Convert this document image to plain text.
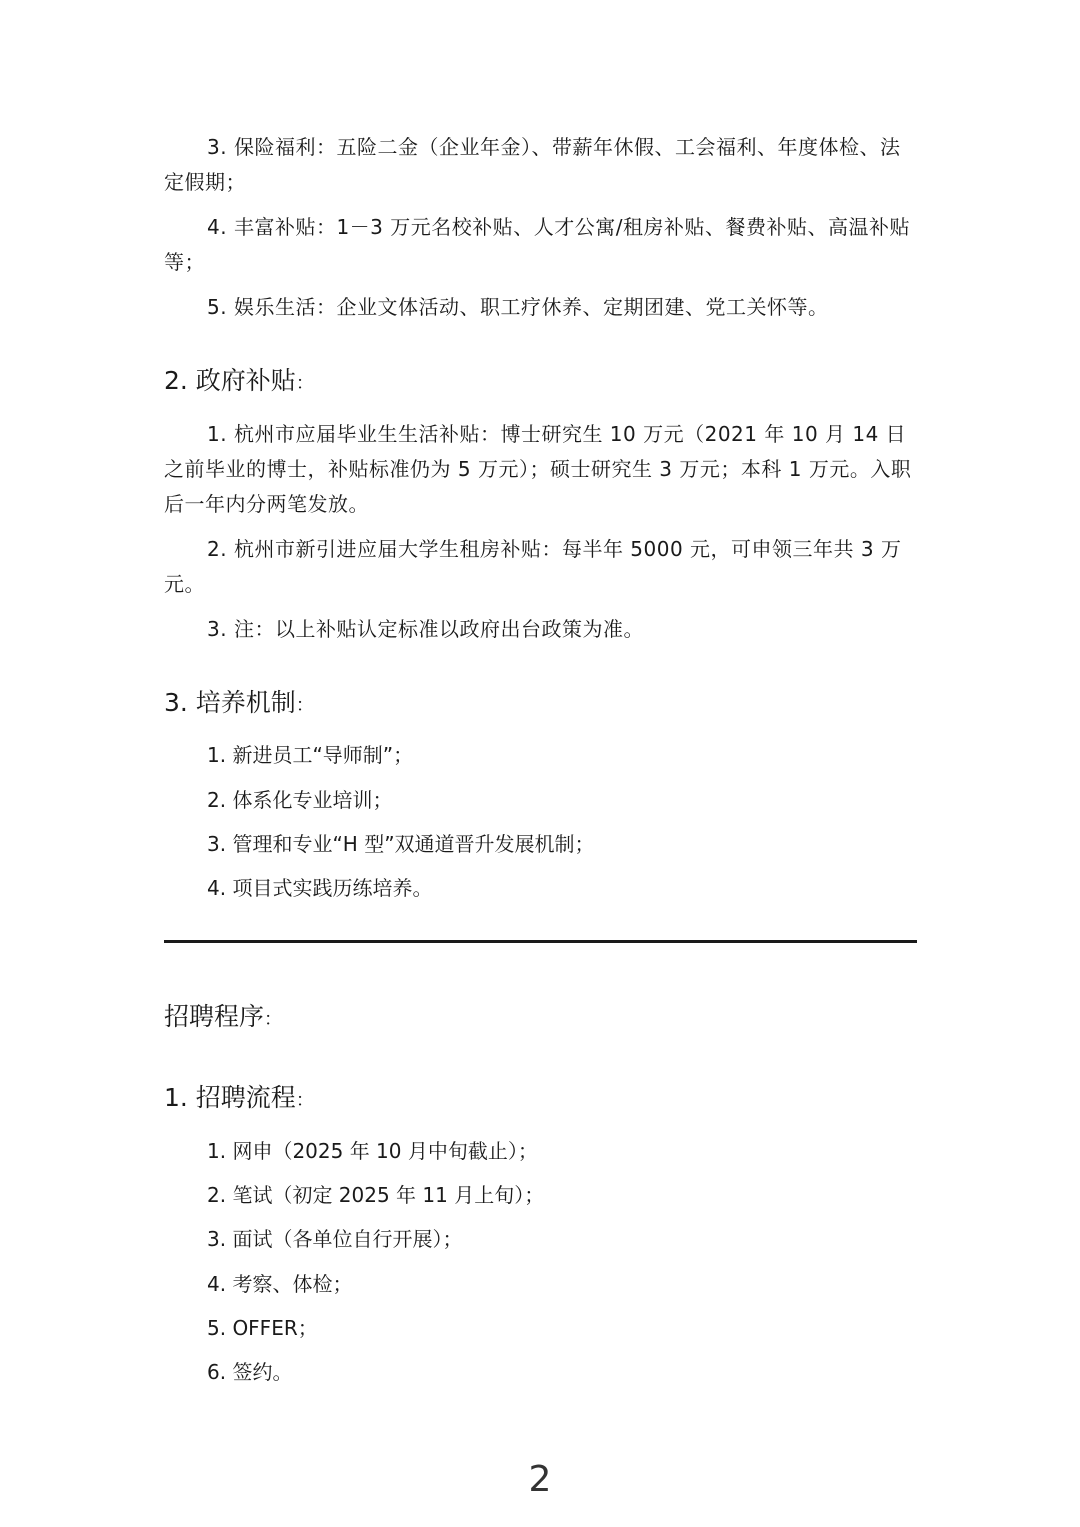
3. 保险福利：五险二金（企业年金）、带薪年休假、工会福利、年度体检、法定假期；

4. 丰富补贴：1－3 万元名校补贴、人才公寓/租房补贴、餐费补贴、高温补贴等；

5. 娱乐生活：企业文体活动、职工疗休养、定期团建、党工关怀等。

2. 政府补贴：

1. 杭州市应届毕业生生活补贴：博士研究生 10 万元（2021 年 10 月 14 日之前毕业的博士，补贴标准仍为 5 万元）；硕士研究生 3 万元；本科 1 万元。入职后一年内分两笔发放。

2. 杭州市新引进应届大学生租房补贴：每半年 5000 元，可申领三年共 3 万元。

3. 注：以上补贴认定标准以政府出台政策为准。

3. 培养机制：

1. 新进员工“导师制”；

2. 体系化专业培训；

3. 管理和专业“H 型”双通道晋升发展机制；

4. 项目式实践历练培养。

招聘程序：
1. 招聘流程：

1. 网申（2025 年 10 月中旬截止）；

2. 笔试（初定 2025 年 11 月上旬）；

3. 面试（各单位自行开展）；

4. 考察、体检；

5. OFFER；

6. 签约。

2
